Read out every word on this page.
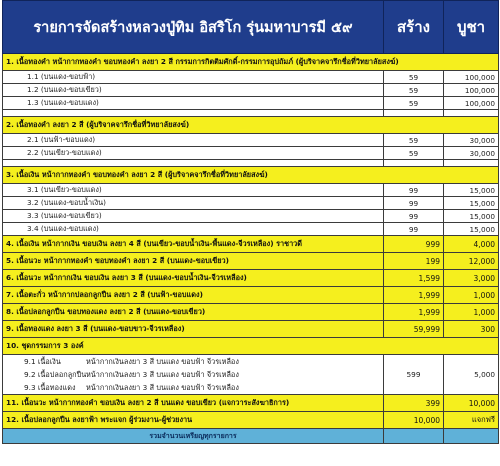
รายการจัดสร้างหลวงปู่ทิม อิสริโก รุ่นมหาบารมี ๕๙	สร้าง	บูชา
1. เนื้อทองคำ หน้ากากทองคำ ขอบทองคำ ลงยา 2 สี กรรมการกิตติมศักดิ์-กรรมการอุปถัมภ์ (ผู้บริจาคจารึกชื่อที่วิทยาลัยสงฆ์)		
1.1 (บนแดง-ขอบฟ้า)	59	100,000
1.2 (บนแดง-ขอบเขียว)	59	100,000
1.3 (บนแดง-ขอบแดง)	59	100,000

2. เนื้อทองคำ ลงยา 2 สี (ผู้บริจาคจารึกชื่อที่วิทยาลัยสงฆ์)		
2.1 (บนฟ้า-ขอบแดง)	59	30,000
2.2 (บนเขียว-ขอบแดง)	59	30,000

3. เนื้อเงิน หน้ากากทองคำ ขอบทองคำ ลงยา 2 สี (ผู้บริจาคจารึกชื่อที่วิทยาลัยสงฆ์)		
3.1 (บนเขียว-ขอบแดง)	99	15,000
3.2 (บนแดง-ขอบน้ำเงิน)	99	15,000
3.3 (บนแดง-ขอบเขียว)	99	15,000
3.4 (บนแดง-ขอบแดง)	99	15,000
4. เนื้อเงิน หน้ากากเงิน ขอบเงิน ลงยา 4 สี (บนเขียว-ขอบน้ำเงิน-พื้นแดง-จีวรเหลือง) ราชาวดี	999	4,000
5. เนื้อนวะ หน้ากากทองคำ ขอบทองคำ ลงยา 2 สี (บนแดง-ขอบเขียว)	199	12,000
6. เนื้อนวะ หน้ากากเงิน ขอบเงิน ลงยา 3 สี (บนแดง-ขอบน้ำเงิน-จีวรเหลือง)	1,599	3,000
7. เนื้อตะกั่ว หน้ากากปลอกลูกปืน ลงยา 2 สี (บนฟ้า-ขอบแดง)	1,999	1,000
8. เนื้อปลอกลูกปืน ขอบทองแดง ลงยา 2 สี (บนแดง-ขอบเขียว)	1,999	1,000
9. เนื้อทองแดง ลงยา 3 สี (บนแดง-ขอบขาว-จีวรเหลือง)	59,999	300
10. ชุดกรรมการ 3 องค์		

9.1 เนื้อเงิน หน้ากากเงินลงยา 3 สี บนแดง ขอบฟ้า จีวรเหลือง
9.2 เนื้อปลอกลูกปืนหน้ากากเงินลงยา 3 สี บนแดง ขอบฟ้า จีวรเหลือง
9.3 เนื้อทองแดง หน้ากากเงินลงยา 3 สี บนแดง ขอบฟ้า จีวรเหลือง	599	5,000
11. เนื้อนวะ หน้ากากทองคำ ขอบเงิน ลงยา 2 สี บนแดง ขอบเขียว (แจกวาระสังฆาธิการ)	399	10,000
12. เนื้อปลอกลูกปืน ลงยาฟ้า พระแจก ผู้ร่วมงาน-ผู้ช่วยงาน	10,000	แจกฟรี
รวมจำนวนเหรียญทุกรายการ		
